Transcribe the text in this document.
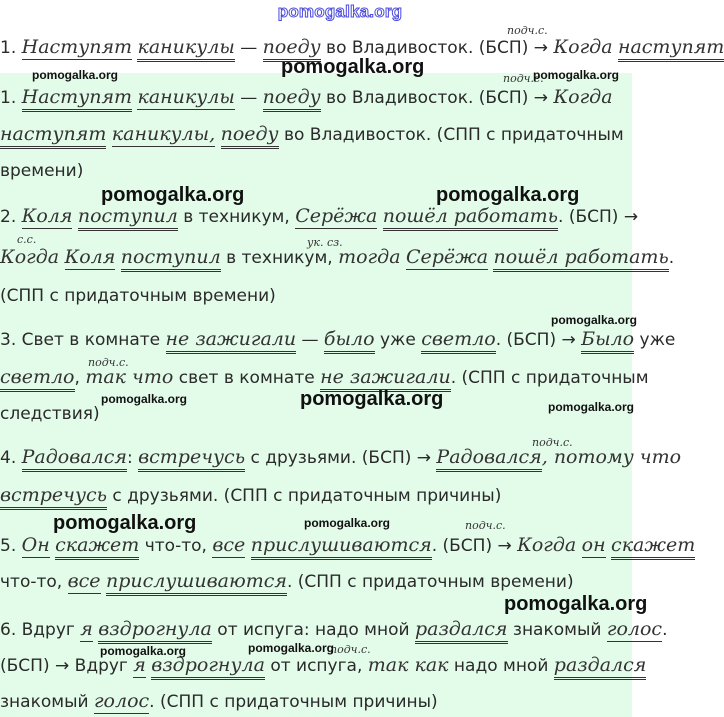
pomogalka.org
1. Наступят каникулы — поеду во Владивосток. (БСП) → Когда наступят
подч.с.
1. Наступят каникулы — поеду во Владивосток. (БСП) → Когда
подч.с.
наступят каникулы, поеду во Владивосток. (СПП с придаточным
времени)
2. Коля поступил в техникум, Серёжа пошёл работать. (БСП) →
с.с.
Когда Коля поступил в техникум, тогда Серёжа пошёл работать.
ук. сз.
(СПП с придаточным времени)
3. Свет в комнате не зажигали — было уже светло. (БСП) → Было уже
подч.с.
светло, так что свет в комнате не зажигали. (СПП с придаточным
следствия)
4. Радовался: встречусь с друзьями. (БСП) → Радовался, потому что
подч.с.
встречусь с друзьями. (СПП с придаточным причины)
5. Он скажет что-то, все прислушиваются. (БСП) → Когда он скажет
подч.с.
что-то, все прислушиваются. (СПП с придаточным времени)
6. Вдруг я вздрогнула от испуга: надо мной раздался знакомый голос.
(БСП) → Вдруг я вздрогнула от испуга, так как надо мной раздался
подч.с.
знакомый голос. (СПП с придаточным причины)
pomogalka.org	pomogalka.org	pomogalka.org
pomogalka.org	pomogalka.org
pomogalka.org
pomogalka.org	pomogalka.org	pomogalka.org
pomogalka.org	pomogalka.org
pomogalka.org
pomogalka.org	pomogalka.org
